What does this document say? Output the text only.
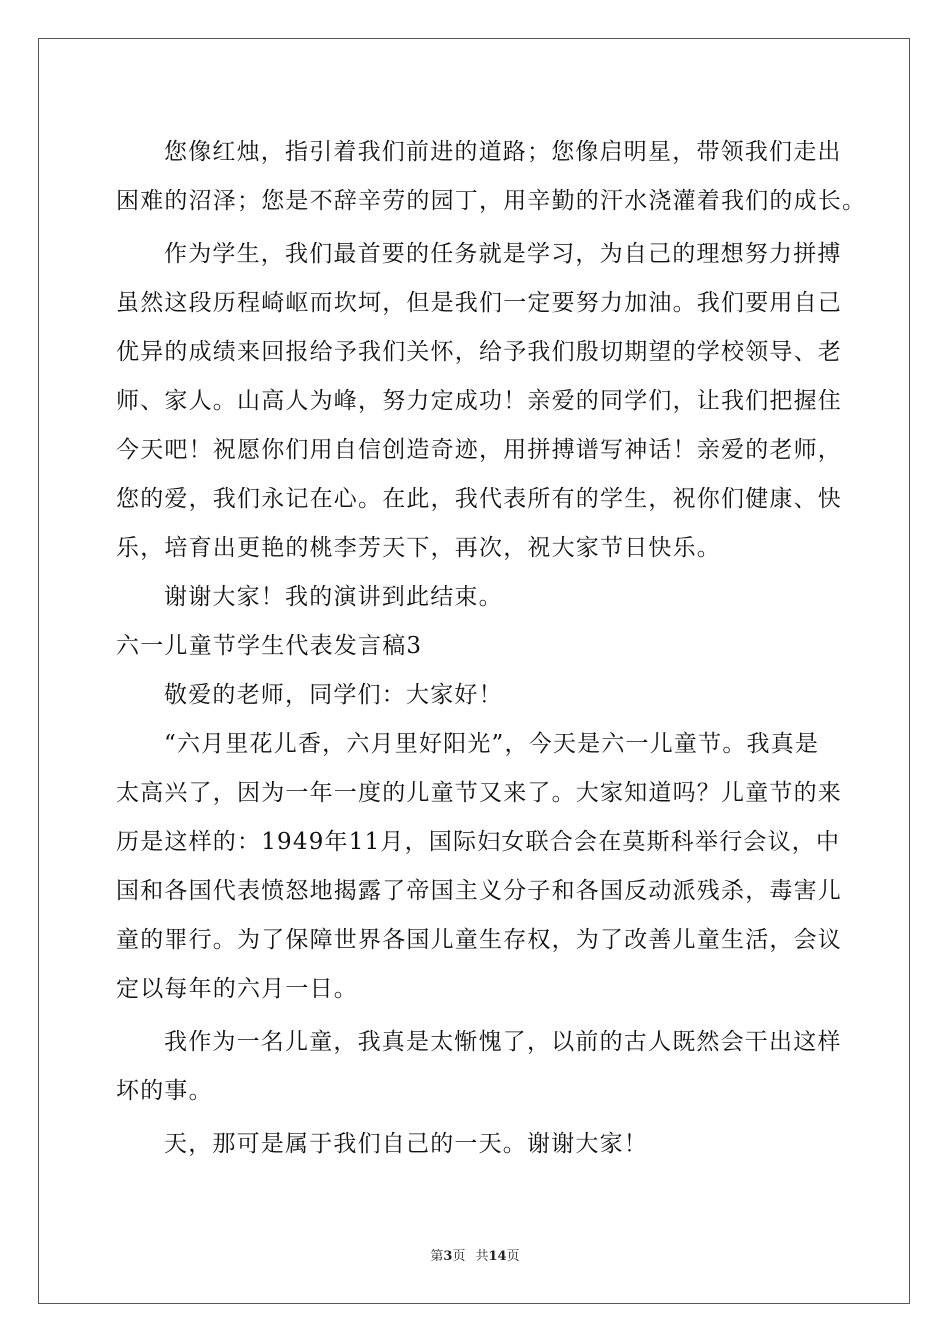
您像红烛，指引着我们前进的道路；您像启明星，带领我们走出
困难的沼泽；您是不辞辛劳的园丁，用辛勤的汗水浇灌着我们的成长。
作为学生，我们最首要的任务就是学习，为自己的理想努力拼搏
虽然这段历程崎岖而坎坷，但是我们一定要努力加油。我们要用自己
优异的成绩来回报给予我们关怀，给予我们殷切期望的学校领导、老
师、家人。山高人为峰，努力定成功！亲爱的同学们，让我们把握住
今天吧！祝愿你们用自信创造奇迹，用拼搏谱写神话！亲爱的老师，
您的爱，我们永记在心。在此，我代表所有的学生，祝你们健康、快
乐，培育出更艳的桃李芳天下，再次，祝大家节日快乐。
谢谢大家！我的演讲到此结束。
六一儿童节学生代表发言稿3
敬爱的老师，同学们：大家好！
“六月里花儿香，六月里好阳光”，今天是六一儿童节。我真是
太高兴了，因为一年一度的儿童节又来了。大家知道吗？儿童节的来
历是这样的：1949年11月，国际妇女联合会在莫斯科举行会议，中
国和各国代表愤怒地揭露了帝国主义分子和各国反动派残杀，毒害儿
童的罪行。为了保障世界各国儿童生存权，为了改善儿童生活，会议
定以每年的六月一日。
我作为一名儿童，我真是太惭愧了，以前的古人既然会干出这样
坏的事。
天，那可是属于我们自己的一天。谢谢大家！
第3页 共14页
